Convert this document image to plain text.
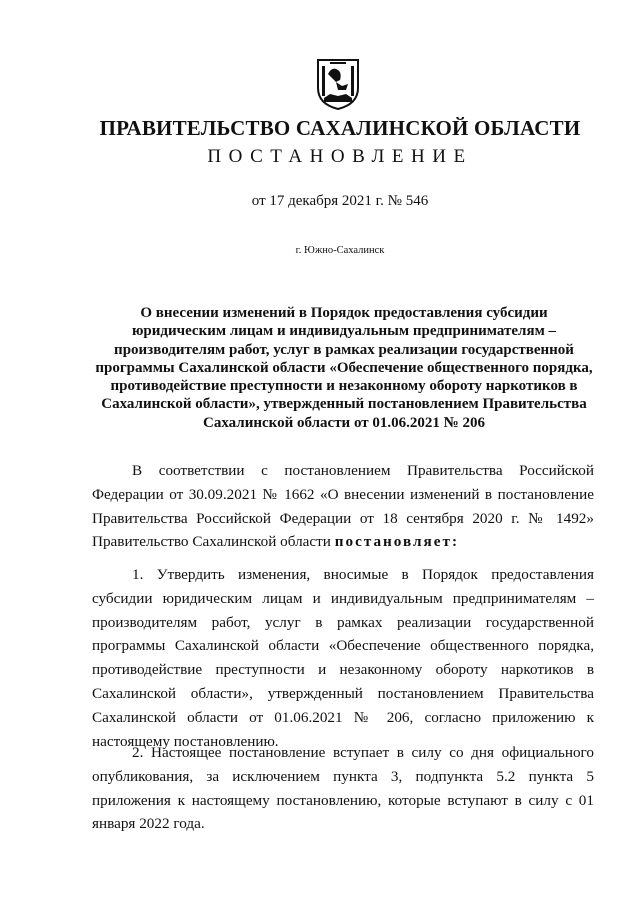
ПРАВИТЕЛЬСТВО САХАЛИНСКОЙ ОБЛАСТИ
ПОСТАНОВЛЕНИЕ
от 17 декабря 2021 г. № 546
г. Южно-Сахалинск
О внесении изменений в Порядок предоставления субсидии юридическим лицам и индивидуальным предпринимателям – производителям работ, услуг в рамках реализации государственной программы Сахалинской области «Обеспечение общественного порядка, противодействие преступности и незаконному обороту наркотиков в Сахалинской области», утвержденный постановлением Правительства Сахалинской области от 01.06.2021 № 206
В соответствии с постановлением Правительства Российской Федерации от 30.09.2021 № 1662 «О внесении изменений в постановление Правительства Российской Федерации от 18 сентября 2020 г. № 1492» Правительство Сахалинской области постановляет:
1. Утвердить изменения, вносимые в Порядок предоставления субсидии юридическим лицам и индивидуальным предпринимателям – производителям работ, услуг в рамках реализации государственной программы Сахалинской области «Обеспечение общественного порядка, противодействие преступности и незаконному обороту наркотиков в Сахалинской области», утвержденный постановлением Правительства Сахалинской области от 01.06.2021 № 206, согласно приложению к настоящему постановлению.
2. Настоящее постановление вступает в силу со дня официального опубликования, за исключением пункта 3, подпункта 5.2 пункта 5 приложения к настоящему постановлению, которые вступают в силу с 01 января 2022 года.
